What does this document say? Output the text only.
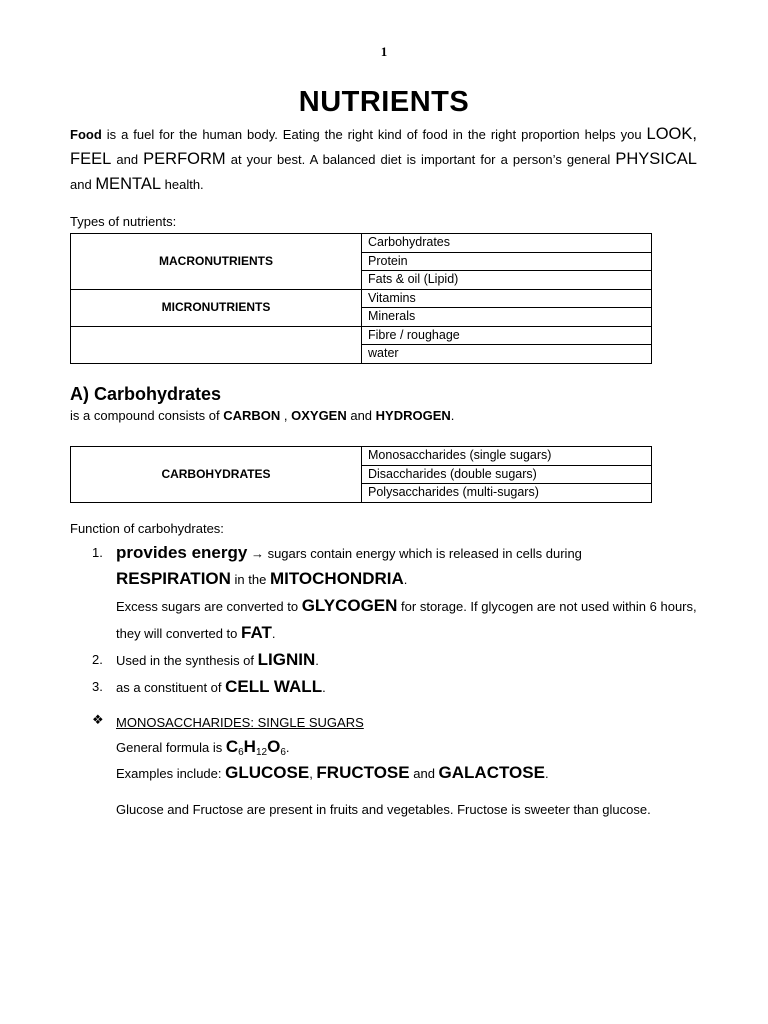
1
NUTRIENTS
Food is a fuel for the human body. Eating the right kind of food in the right proportion helps you LOOK, FEEL and PERFORM at your best. A balanced diet is important for a person’s general PHYSICAL and MENTAL health.
Types of nutrients:
MACRONUTRIENTS	Carbohydrates
	Protein
	Fats & oil (Lipid)
MICRONUTRIENTS	Vitamins
	Minerals
	Fibre / roughage
	water
A) Carbohydrates
is a compound consists of CARBON , OXYGEN and HYDROGEN.
CARBOHYDRATES	Monosaccharides (single sugars)
Disaccharides (double sugars)
Polysaccharides (multi-sugars)
Function of carbohydrates:
1. provides energy → sugars contain energy which is released in cells during
RESPIRATION in the MITOCHONDRIA.
Excess sugars are converted to GLYCOGEN for storage. If glycogen are not used within 6 hours, they will converted to FAT.
2. Used in the synthesis of LIGNIN.
3. as a constituent of CELL WALL.
❖ MONOSACCHARIDES: SINGLE SUGARS
General formula is $C_6H_{12}O_6$.
Examples include: GLUCOSE, FRUCTOSE and GALACTOSE.
Glucose and Fructose are present in fruits and vegetables. Fructose is sweeter than glucose.
